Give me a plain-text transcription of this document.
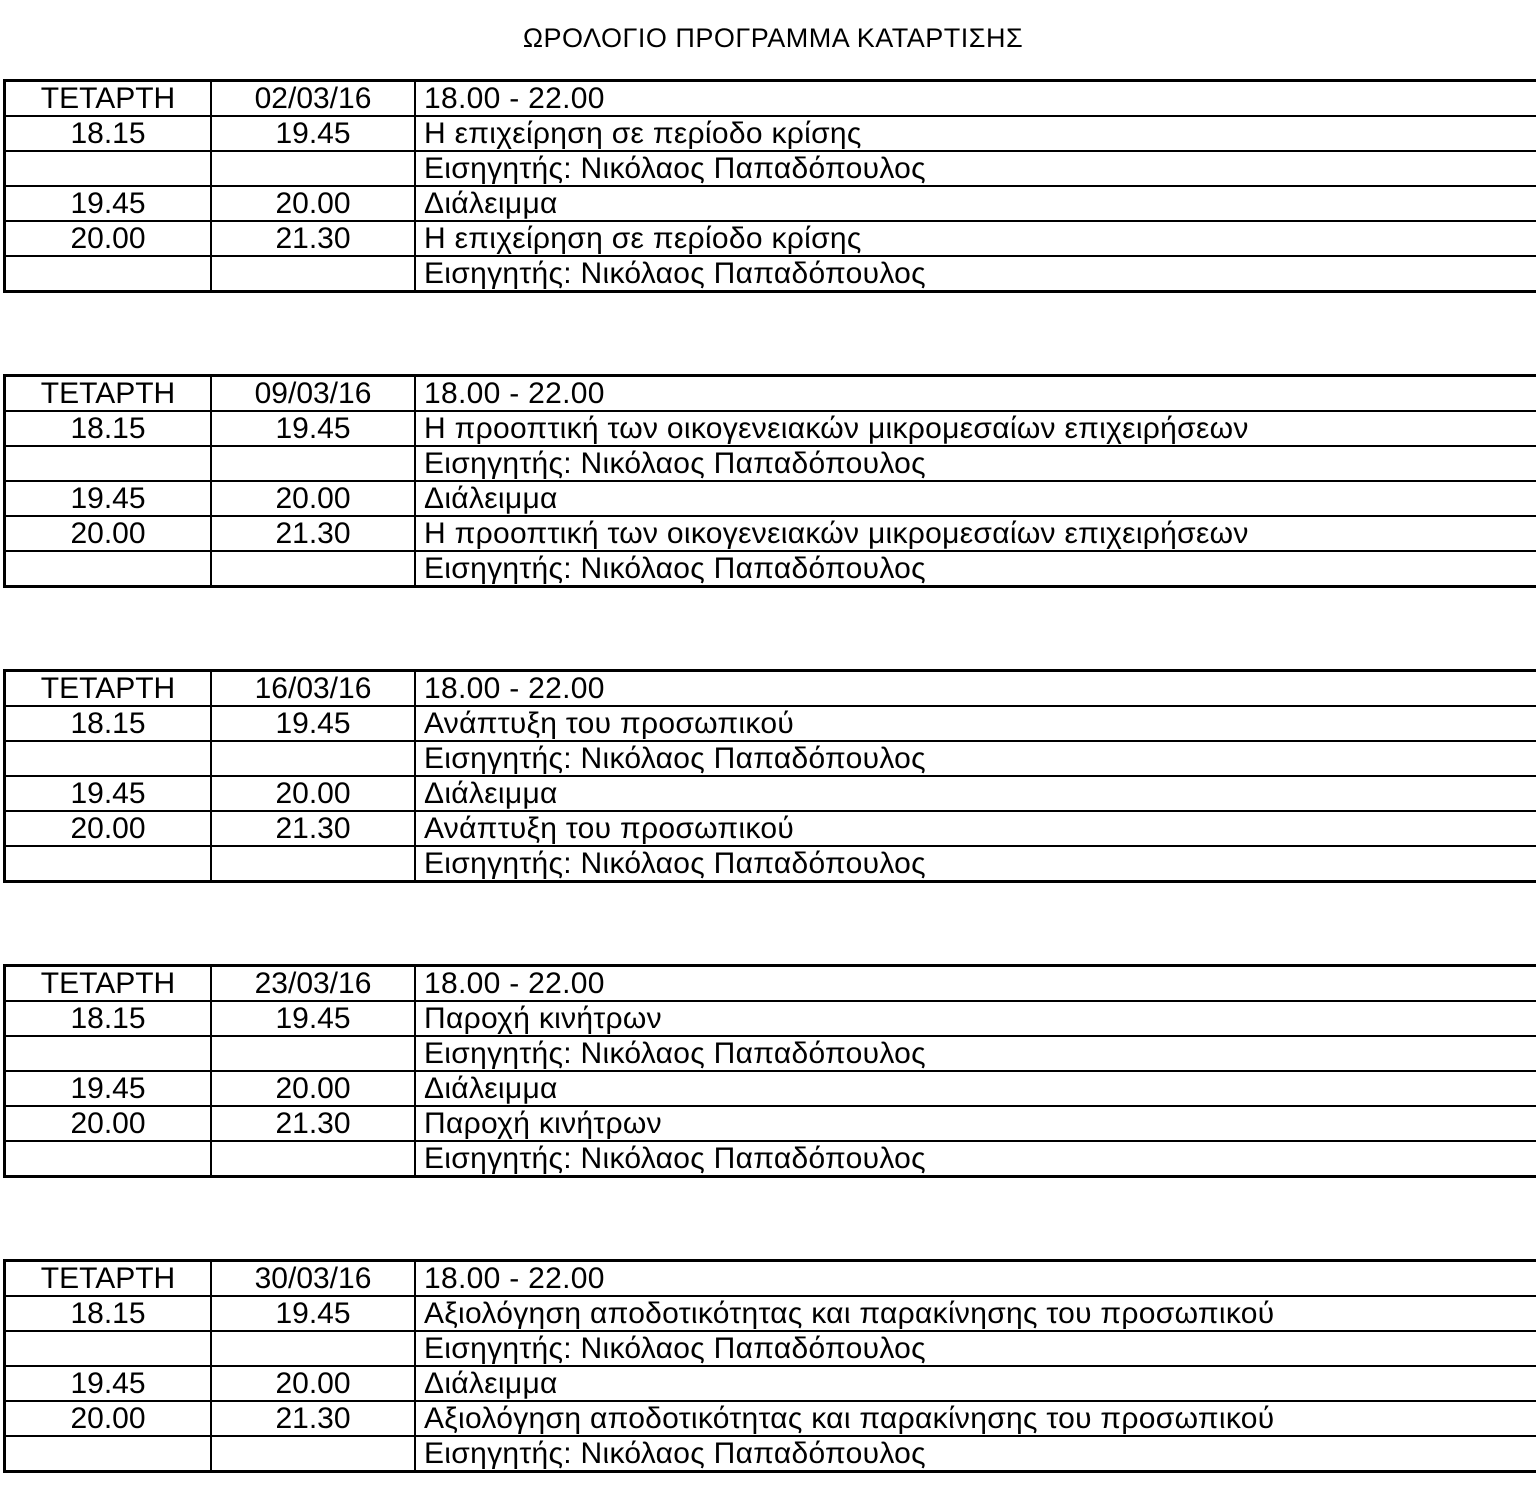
ΩΡΟΛΟΓΙΟ ΠΡΟΓΡΑΜΜΑ ΚΑΤΑΡΤΙΣΗΣ
ΤΕΤΑΡΤΗ	02/03/16	18.00 - 22.00
18.15	19.45	Η επιχείρηση σε περίοδο κρίσης
		Εισηγητής: Νικόλαος Παπαδόπουλος
19.45	20.00	Διάλειμμα
20.00	21.30	Η επιχείρηση σε περίοδο κρίσης
		Εισηγητής: Νικόλαος Παπαδόπουλος
ΤΕΤΑΡΤΗ	09/03/16	18.00 - 22.00
18.15	19.45	Η προοπτική των οικογενειακών μικρομεσαίων επιχειρήσεων
		Εισηγητής: Νικόλαος Παπαδόπουλος
19.45	20.00	Διάλειμμα
20.00	21.30	Η προοπτική των οικογενειακών μικρομεσαίων επιχειρήσεων
		Εισηγητής: Νικόλαος Παπαδόπουλος
ΤΕΤΑΡΤΗ	16/03/16	18.00 - 22.00
18.15	19.45	Ανάπτυξη του προσωπικού
		Εισηγητής: Νικόλαος Παπαδόπουλος
19.45	20.00	Διάλειμμα
20.00	21.30	Ανάπτυξη του προσωπικού
		Εισηγητής: Νικόλαος Παπαδόπουλος
ΤΕΤΑΡΤΗ	23/03/16	18.00 - 22.00
18.15	19.45	Παροχή κινήτρων
		Εισηγητής: Νικόλαος Παπαδόπουλος
19.45	20.00	Διάλειμμα
20.00	21.30	Παροχή κινήτρων
		Εισηγητής: Νικόλαος Παπαδόπουλος
ΤΕΤΑΡΤΗ	30/03/16	18.00 - 22.00
18.15	19.45	Αξιολόγηση αποδοτικότητας και παρακίνησης του προσωπικού
		Εισηγητής: Νικόλαος Παπαδόπουλος
19.45	20.00	Διάλειμμα
20.00	21.30	Αξιολόγηση αποδοτικότητας και παρακίνησης του προσωπικού
		Εισηγητής: Νικόλαος Παπαδόπουλος
